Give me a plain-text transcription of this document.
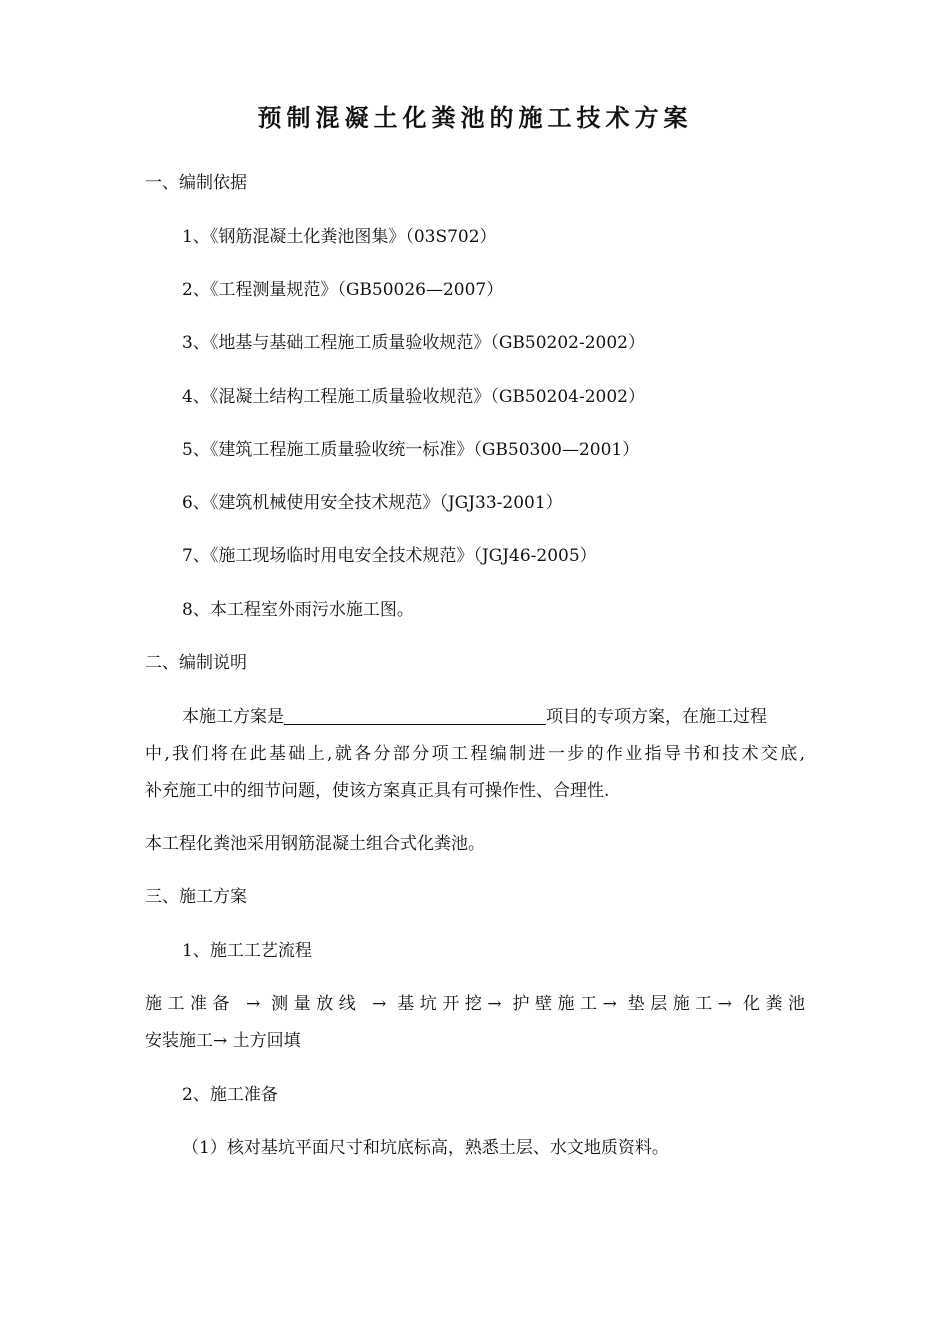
预制混凝土化粪池的施工技术方案
一、编制依据
1、《钢筋混凝土化粪池图集》（03S702）
2、《工程测量规范》（GB50026—2007）
3、《地基与基础工程施工质量验收规范》（GB50202-2002）
4、《混凝土结构工程施工质量验收规范》（GB50204-2002）
5、《建筑工程施工质量验收统一标准》（GB50300—2001）
6、《建筑机械使用安全技术规范》（JGJ33-2001）
7、《施工现场临时用电安全技术规范》（JGJ46-2005）
8、本工程室外雨污水施工图。
二、编制说明
本施工方案是	项目的专项方案，在施工过程
中,我们将在此基础上,就各分部分项工程编制进一步的作业指导书和技术交底,
补充施工中的细节问题，使该方案真正具有可操作性、合理性.
本工程化粪池采用钢筋混凝土组合式化粪池。
三、施工方案
1、施工工艺流程
施工准备 → 测量放线 → 基坑开挖→ 护壁施工→ 垫层施工→ 化粪池
安装施工→ 土方回填
2、施工准备
（1）核对基坑平面尺寸和坑底标高，熟悉土层、水文地质资料。
